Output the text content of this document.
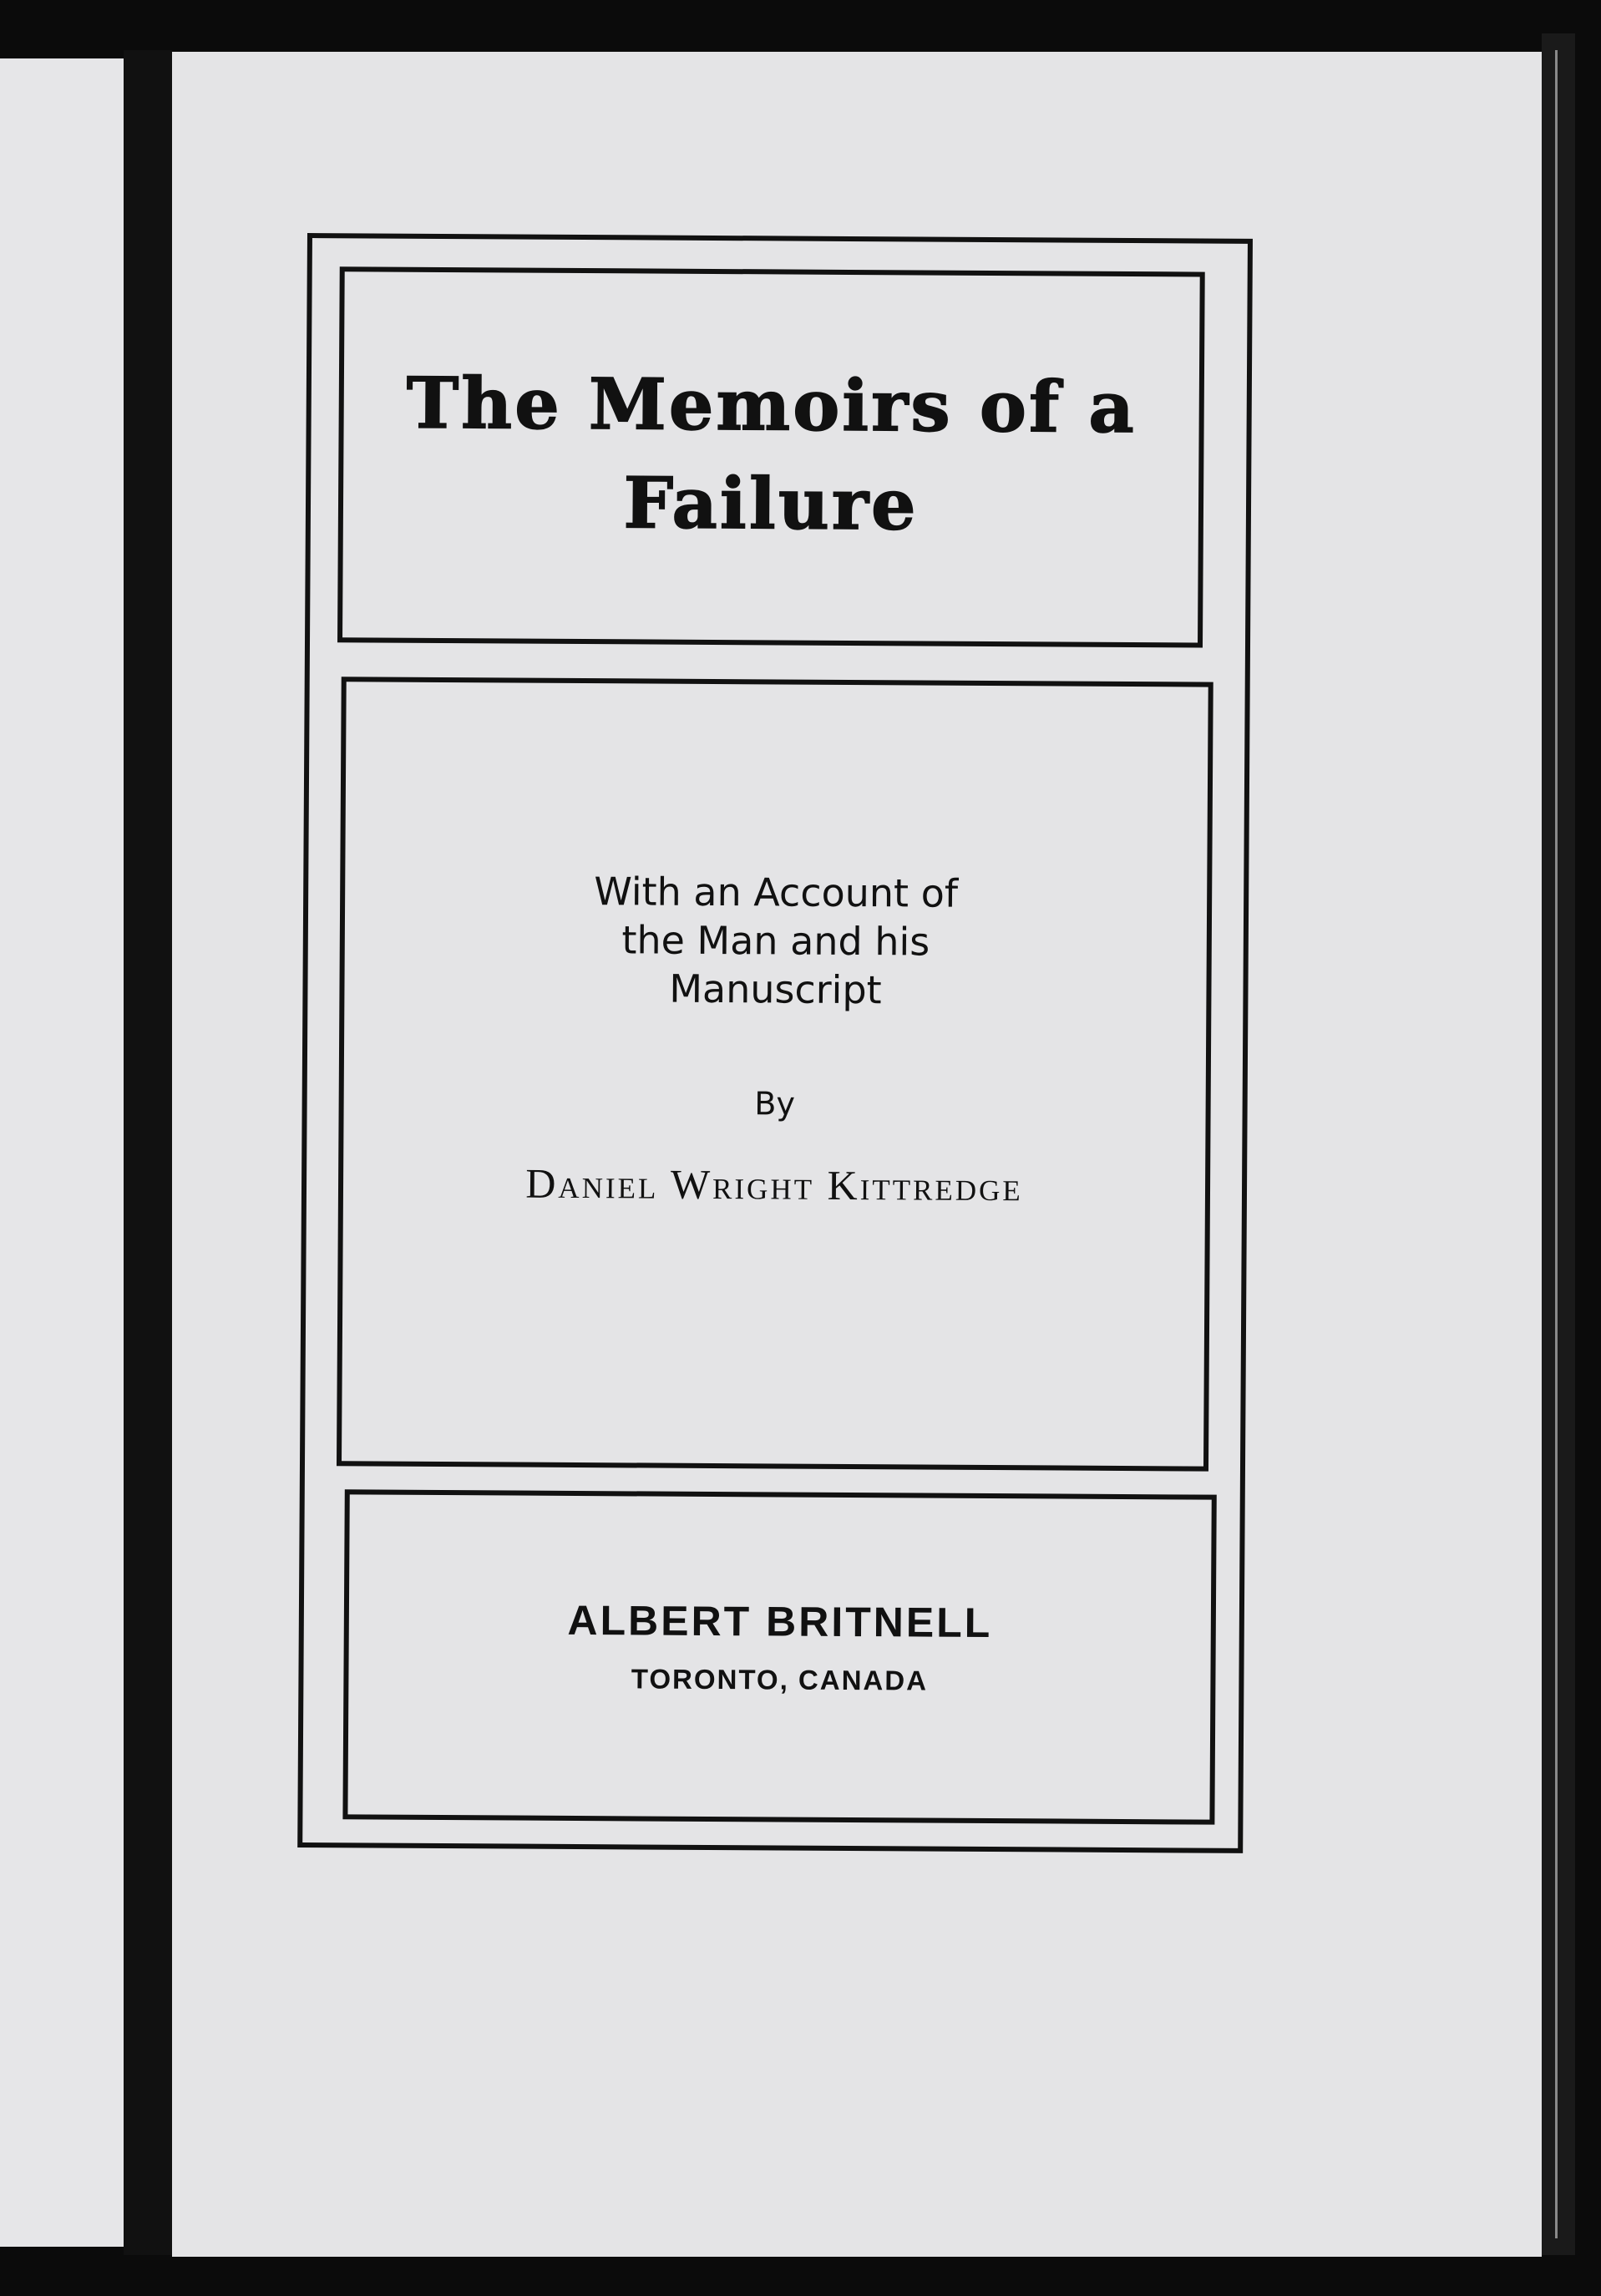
The Memoirs of a
Failure
With an Account of
the Man and his
Manuscript
By
Daniel Wright Kittredge
ALBERT BRITNELL
TORONTO, CANADA
